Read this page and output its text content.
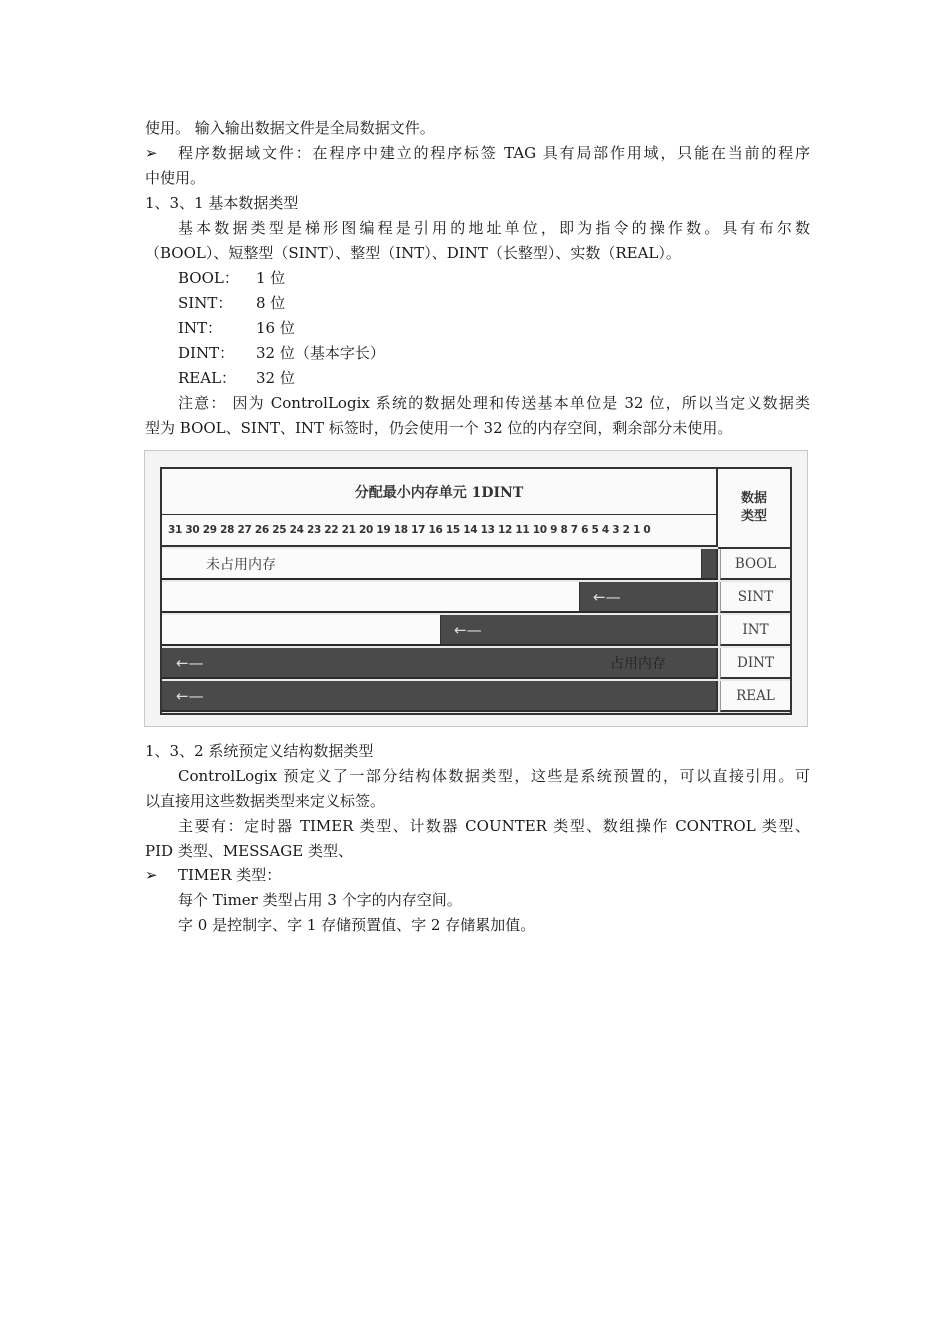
使用。 输入输出数据文件是全局数据文件。
➢	程序数据域文件：在程序中建立的程序标签 TAG 具有局部作用域，只能在当前的程序
中使用。
1、3、1 基本数据类型
基本数据类型是梯形图编程是引用的地址单位，即为指令的操作数。具有布尔数
（BOOL）、短整型（SINT）、整型（INT）、DINT（长整型）、实数（REAL）。
BOOL： 1 位
SINT： 8 位
INT： 16 位
DINT： 32 位（基本字长）
REAL： 32 位
注意： 因为 ControlLogix 系统的数据处理和传送基本单位是 32 位，所以当定义数据类
型为 BOOL、SINT、INT 标签时，仍会使用一个 32 位的内存空间，剩余部分未使用。
分配最小内存单元 1DINT
31 30 29 28 27 26 25 24 23 22 21 20 19 18 17 16 15 14 13 12 11 10 9 8 7 6 5 4 3 2 1 0
数据类型
未占用内存	BOOL
←—	SINT
←—	INT
←—	占用内存	DINT
←—	REAL
1、3、2 系统预定义结构数据类型
ControlLogix 预定义了一部分结构体数据类型，这些是系统预置的，可以直接引用。可
以直接用这些数据类型来定义标签。
主要有：定时器 TIMER 类型、计数器 COUNTER 类型、数组操作 CONTROL 类型、
PID 类型、MESSAGE 类型、
➢	TIMER 类型：
每个 Timer 类型占用 3 个字的内存空间。
字 0 是控制字、字 1 存储预置值、字 2 存储累加值。
